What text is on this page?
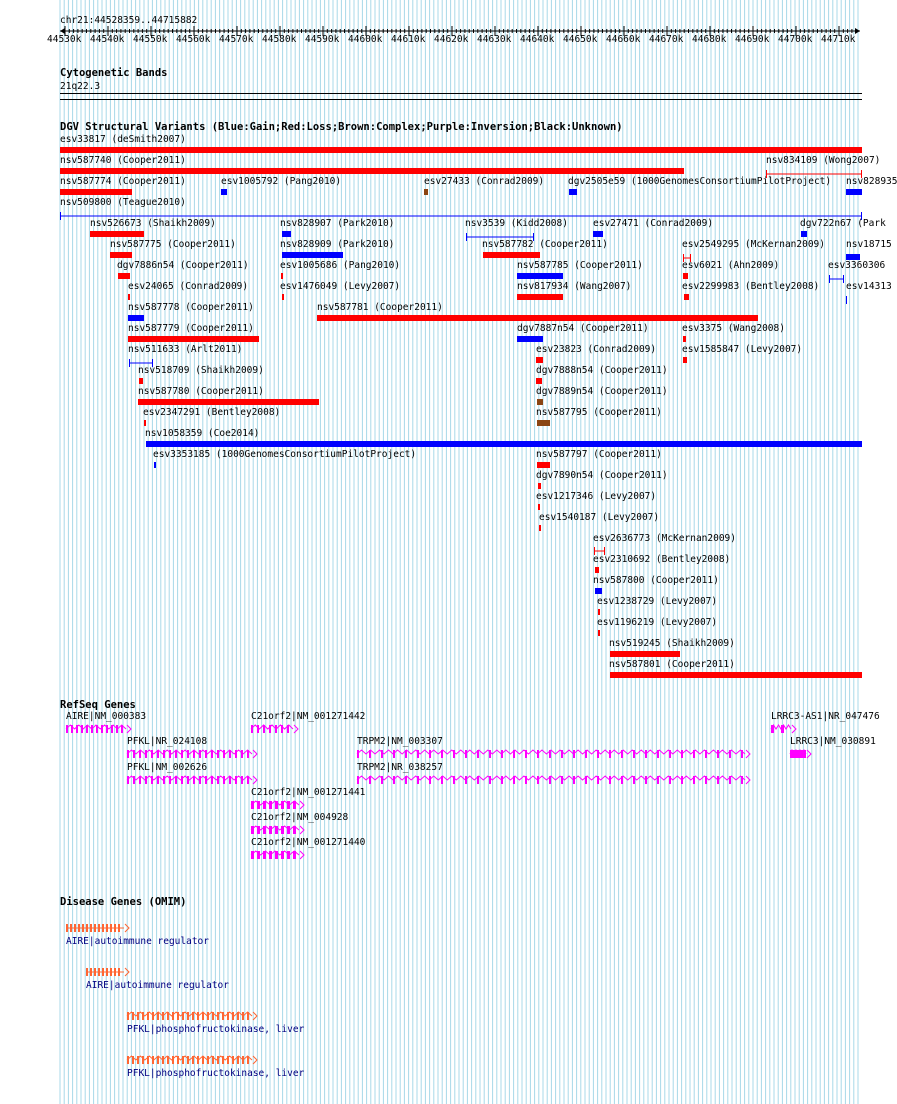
chr21:44528359..44715882
44530k 44540k 44550k 44560k 44570k 44580k 44590k 44600k 44610k 44620k 44630k 44640k 44650k 44660k 44670k 44680k 44690k 44700k 44710k
Cytogenetic Bands
21q22.3
DGV Structural Variants (Blue:Gain;Red:Loss;Brown:Complex;Purple:Inversion;Black:Unknown)
esv33817 (deSmith2007)
nsv587740 (Cooper2011)	nsv834109 (Wong2007)
nsv587774 (Cooper2011)	esv1005792 (Pang2010)	esv27433 (Conrad2009)	dgv2505e59 (1000GenomesConsortiumPilotProject) nsv828935
nsv509800 (Teague2010)
nsv526673 (Shaikh2009)	nsv828907 (Park2010)	nsv3539 (Kidd2008)	esv27471 (Conrad2009)	dgv722n67 (Park
nsv587775 (Cooper2011)	nsv828909 (Park2010)	nsv587782 (Cooper2011)	esv2549295 (McKernan2009) nsv18715
dgv7886n54 (Cooper2011)	esv1005686 (Pang2010)	nsv587785 (Cooper2011)	esv6021 (Ahn2009)	esv3360306
esv24065 (Conrad2009)	esv1476049 (Levy2007)	nsv817934 (Wang2007)	esv2299983 (Bentley2008)	esv14313
nsv587778 (Cooper2011)	nsv587781 (Cooper2011)
nsv587779 (Cooper2011)	dgv7887n54 (Cooper2011)	esv3375 (Wang2008)
nsv511633 (Arlt2011)	esv23823 (Conrad2009)	esv1585847 (Levy2007)
nsv518709 (Shaikh2009)	dgv7888n54 (Cooper2011)
nsv587780 (Cooper2011)	dgv7889n54 (Cooper2011)
esv2347291 (Bentley2008)	nsv587795 (Cooper2011)
nsv1058359 (Coe2014)
esv3353185 (1000GenomesConsortiumPilotProject)	nsv587797 (Cooper2011)
dgv7890n54 (Cooper2011)
esv1217346 (Levy2007)
esv1540187 (Levy2007)
esv2636773 (McKernan2009)
esv2310692 (Bentley2008)
nsv587800 (Cooper2011)
esv1238729 (Levy2007)
esv1196219 (Levy2007)
nsv519245 (Shaikh2009)
nsv587801 (Cooper2011)
RefSeq Genes
AIRE|NM_000383	C21orf2|NM_001271442	LRRC3-AS1|NR_047476
PFKL|NR_024108	TRPM2|NM_003307	LRRC3|NM_030891
PFKL|NM_002626	TRPM2|NR_038257
C21orf2|NM_001271441
C21orf2|NM_004928
C21orf2|NM_001271440
Disease Genes (OMIM)
AIRE|autoimmune regulator
AIRE|autoimmune regulator
PFKL|phosphofructokinase, liver
PFKL|phosphofructokinase, liver
